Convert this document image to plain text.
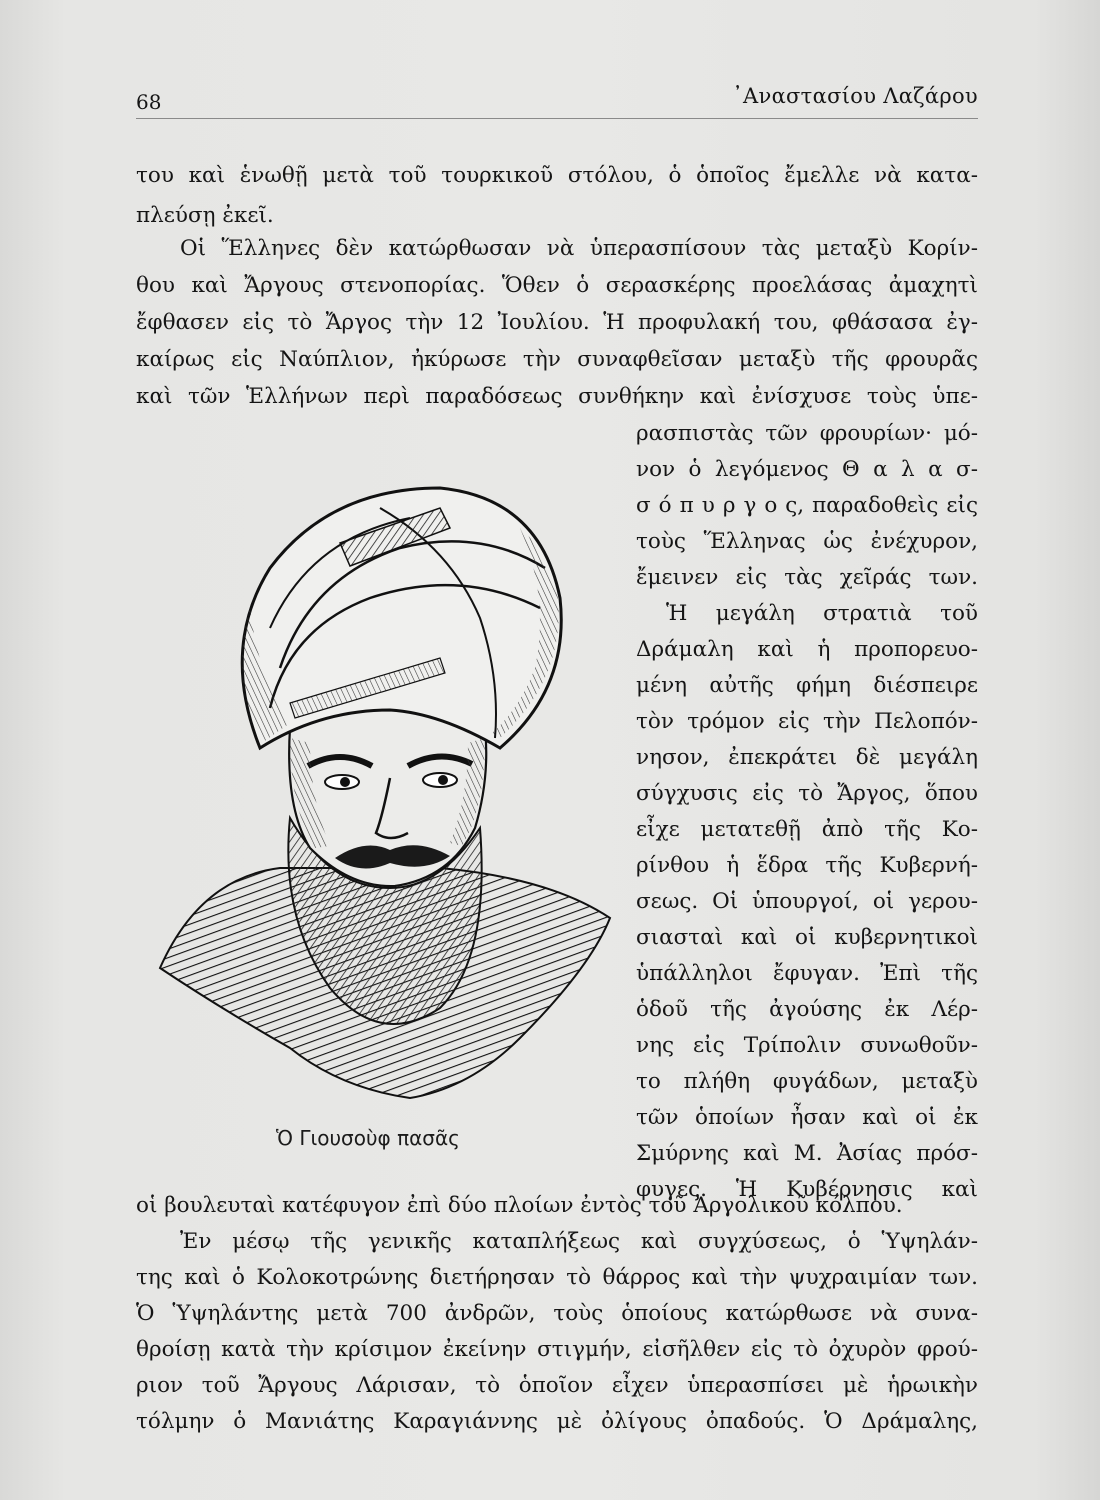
68	᾿Αναστασίου Λαζάρου
του καὶ ἑνωθῇ μετὰ τοῦ τουρκικοῦ στόλου, ὁ ὁποῖος ἔμελλε νὰ κατα-
πλεύσῃ ἐκεῖ.
Οἱ Ἕλληνες δὲν κατώρθωσαν νὰ ὑπερασπίσουν τὰς μεταξὺ Κορίν-
θου καὶ Ἄργους στενοπορίας. Ὅθεν ὁ σερασκέρης προελάσας ἀμαχητὶ
ἔφθασεν εἰς τὸ Ἄργος τὴν 12 Ἰουλίου. Ἡ προφυλακή του, φθάσασα ἐγ-
καίρως εἰς Ναύπλιον, ἠκύρωσε τὴν συναφθεῖσαν μεταξὺ τῆς φρουρᾶς
καὶ τῶν Ἑλλήνων περὶ παραδόσεως συνθήκην καὶ ἐνίσχυσε τοὺς ὑπε-
ρασπιστὰς τῶν φρουρίων· μό-
νον ὁ λεγόμενος Θ α λ α σ-
σ ό π υ ρ γ ο ς, παραδοθεὶς εἰς
τοὺς Ἕλληνας ὡς ἐνέχυρον,
ἔμεινεν εἰς τὰς χεῖράς των.
Ἡ μεγάλη στρατιὰ τοῦ
Δράμαλη καὶ ἡ προπορευο-
μένη αὐτῆς φήμη διέσπειρε
τὸν τρόμον εἰς τὴν Πελοπόν-
νησον, ἐπεκράτει δὲ μεγάλη
σύγχυσις εἰς τὸ Ἄργος, ὅπου
εἶχε μετατεθῇ ἀπὸ τῆς Κο-
ρίνθου ἡ ἕδρα τῆς Κυβερνή-
σεως. Οἱ ὑπουργοί, οἱ γερου-
σιασταὶ καὶ οἱ κυβερνητικοὶ
ὑπάλληλοι ἔφυγαν. Ἐπὶ τῆς
ὁδοῦ τῆς ἀγούσης ἐκ Λέρ-
νης εἰς Τρίπολιν συνωθοῦν-
το πλήθη φυγάδων, μεταξὺ
τῶν ὁποίων ἦσαν καὶ οἱ ἐκ
Σμύρνης καὶ Μ. Ἀσίας πρόσ-
φυγες. Ἡ Κυβέρνησις καὶ
Ὁ Γιουσοὺφ πασᾶς
οἱ βουλευταὶ κατέφυγον ἐπὶ δύο πλοίων ἐντὸς τοῦ Ἀργολικοῦ κόλπου.
Ἐν μέσῳ τῆς γενικῆς καταπλήξεως καὶ συγχύσεως, ὁ Ὑψηλάν-
της καὶ ὁ Κολοκοτρώνης διετήρησαν τὸ θάρρος καὶ τὴν ψυχραιμίαν των.
Ὁ Ὑψηλάντης μετὰ 700 ἀνδρῶν, τοὺς ὁποίους κατώρθωσε νὰ συνα-
θροίσῃ κατὰ τὴν κρίσιμον ἐκείνην στιγμήν, εἰσῆλθεν εἰς τὸ ὀχυρὸν φρού-
ριον τοῦ Ἄργους Λάρισαν, τὸ ὁποῖον εἶχεν ὑπερασπίσει μὲ ἡρωικὴν
τόλμην ὁ Μανιάτης Καραγιάννης μὲ ὀλίγους ὀπαδούς. Ὁ Δράμαλης,
